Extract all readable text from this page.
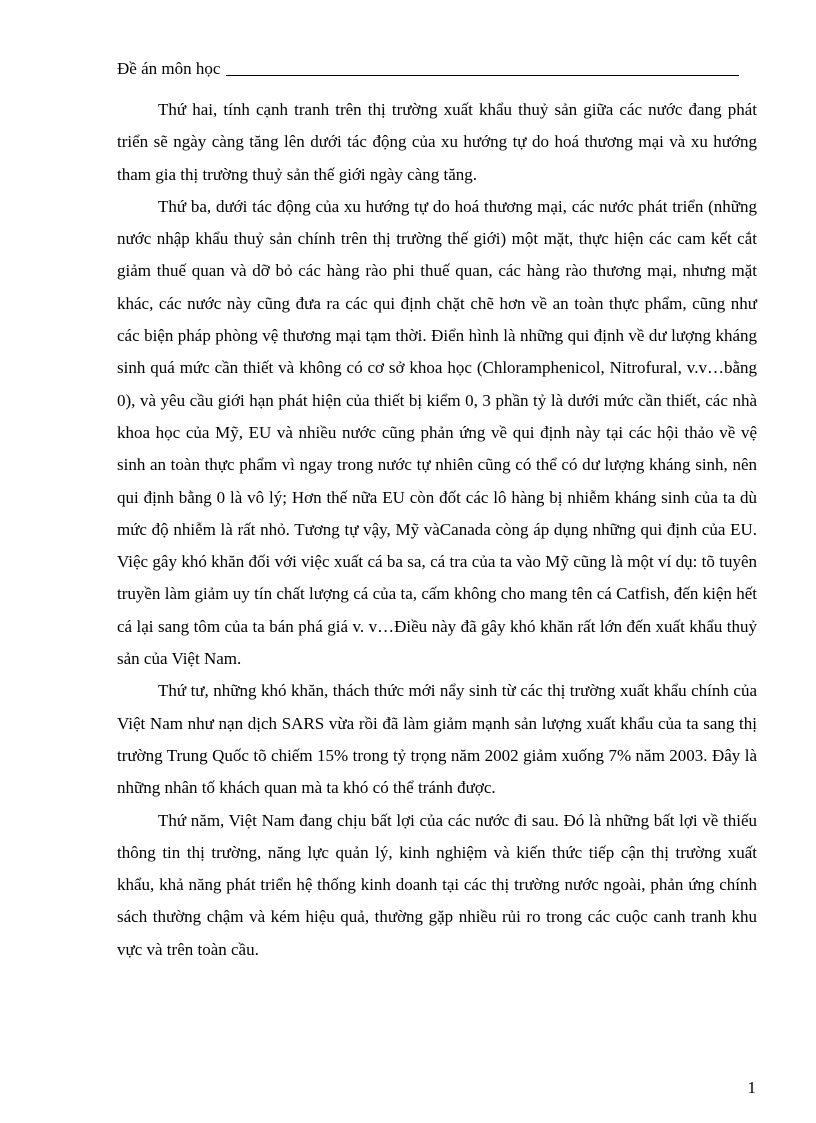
Đề án môn học

Thứ hai, tính cạnh tranh trên thị trường xuất khẩu thuỷ sản giữa các nước đang phát triển sẽ ngày càng tăng lên dưới tác động của xu hướng tự do hoá thương mại và xu hướng tham gia thị trường thuỷ sản thế giới ngày càng tăng.

Thứ ba, dưới tác động của xu hướng tự do hoá thương mại, các nước phát triển (những nước nhập khẩu thuỷ sản chính trên thị trường thế giới) một mặt, thực hiện các cam kết cắt giảm thuế quan và dỡ bỏ các hàng rào phi thuế quan, các hàng rào thương mại, nhưng mặt khác, các nước này cũng đưa ra các qui định chặt chẽ hơn về an toàn thực phẩm, cũng như các biện pháp phòng vệ thương mại tạm thời. Điển hình là những qui định về dư lượng kháng sinh quá mức cần thiết và không có cơ sở khoa học (Chloramphenicol, Nitrofural, v.v…bằng 0), và yêu cầu giới hạn phát hiện của thiết bị kiểm 0, 3 phần tỷ là dưới mức cần thiết, các nhà khoa học của Mỹ, EU và nhiều nước cũng phản ứng về qui định này tại các hội thảo về vệ sinh an toàn thực phẩm vì ngay trong nước tự nhiên cũng có thể có dư lượng kháng sinh, nên qui định bằng 0 là vô lý; Hơn thế nữa EU còn đốt các lô hàng bị nhiễm kháng sinh của ta dù mức độ nhiễm là rất nhỏ. Tương tự vậy, Mỹ vàCanada còng áp dụng những qui định của EU. Việc gây khó khăn đối với việc xuất cá ba sa, cá tra của ta vào Mỹ cũng là một ví dụ: tõ tuyên truyền làm giảm uy tín chất lượng cá của ta, cấm không cho mang tên cá Catfish, đến kiện hết cá lại sang tôm của ta bán phá giá v. v…Điều này đã gây khó khăn rất lớn đến xuất khẩu thuỷ sản của Việt Nam.

Thứ tư, những khó khăn, thách thức mới nẩy sinh từ các thị trường xuất khẩu chính của Việt Nam như nạn dịch SARS vừa rồi đã làm giảm mạnh sản lượng xuất khẩu của ta sang thị trường Trung Quốc tõ chiếm 15% trong tỷ trọng năm 2002 giảm xuống 7% năm 2003. Đây là những nhân tố khách quan mà ta khó có thể tránh được.

Thứ năm, Việt Nam đang chịu bất lợi của các nước đi sau. Đó là những bất lợi về thiếu thông tin thị trường, năng lực quản lý, kinh nghiệm và kiến thức tiếp cận thị trường xuất khẩu, khả năng phát triển hệ thống kinh doanh tại các thị trường nước ngoài, phản ứng chính sách thường chậm và kém hiệu quả, thường gặp nhiều rủi ro trong các cuộc canh tranh khu vực và trên toàn cầu.

1
